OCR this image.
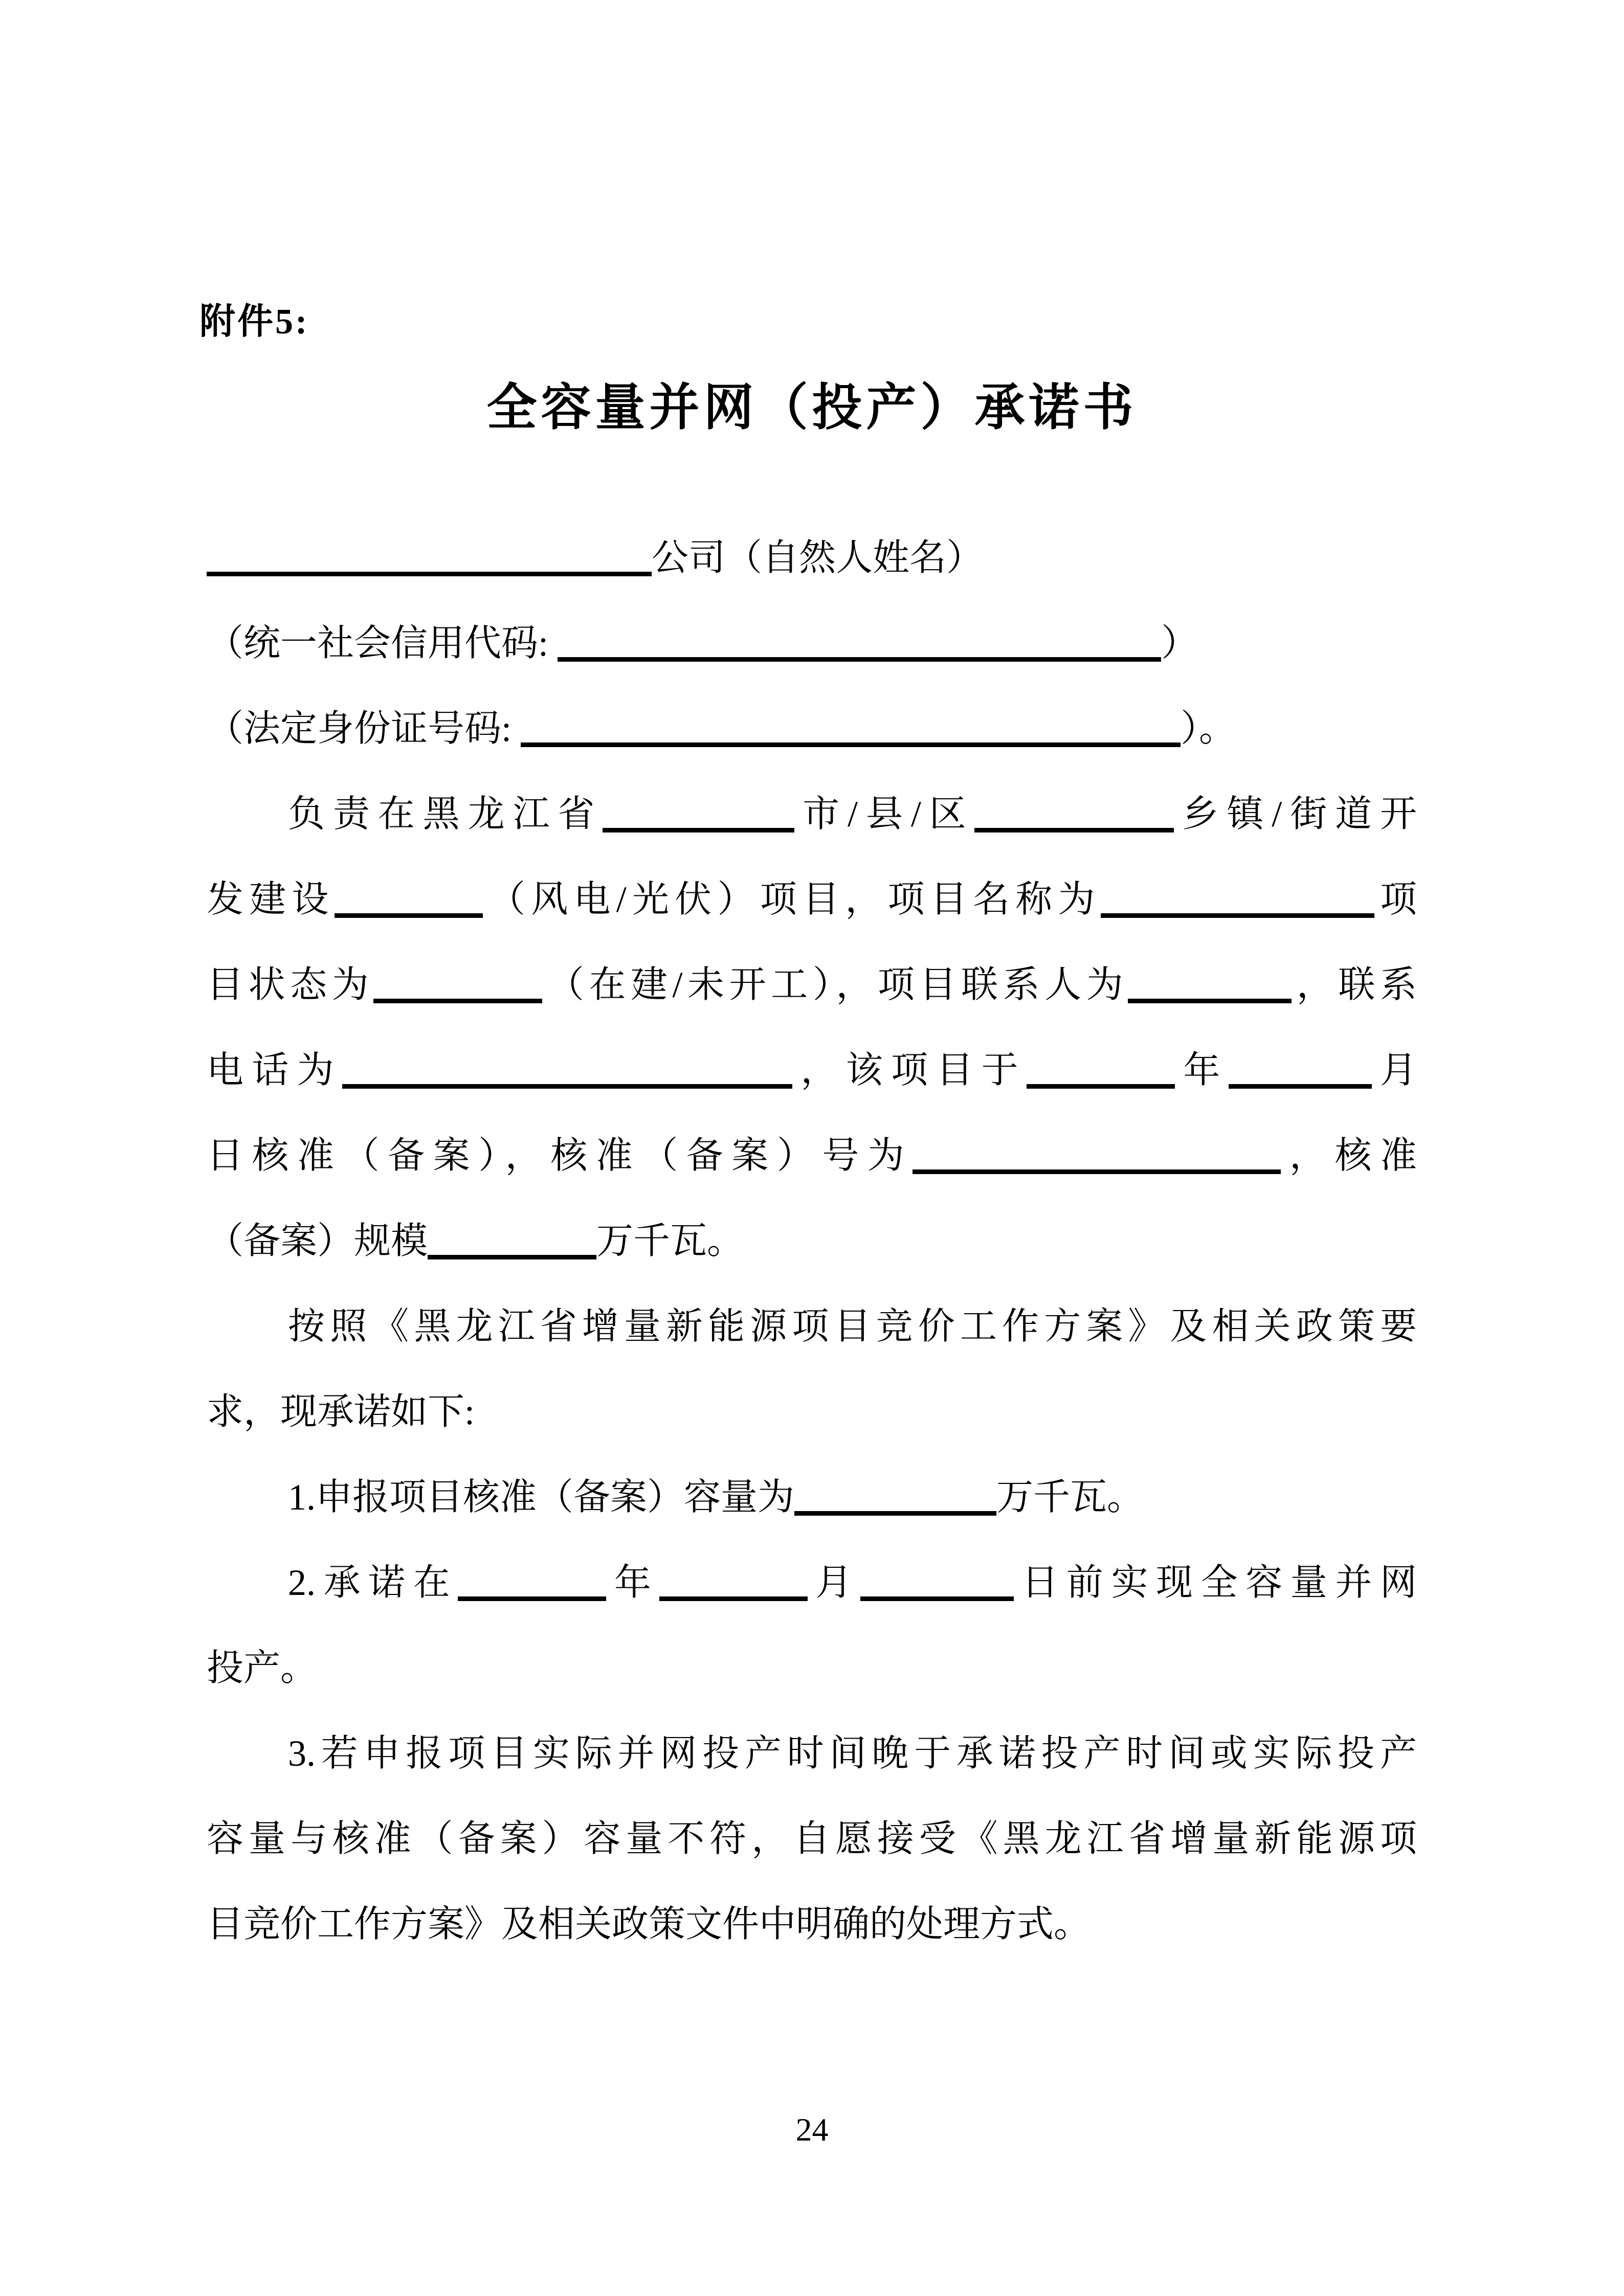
附件5:
全容量并网（投产）承诺书
公司（自然人姓名）
（统一社会信用代码:	）
（法定身份证号码:	）。
负责在黑龙江省	市/县/区	乡镇/街道开
发建设	（风电/光伏）项目，项目名称为	项
目状态为	（在建/未开工），项目联系人为	，联系
电话为	，该项目于	年	月
日核准（备案），核准（备案）号为	，核准
（备案）规模	万千瓦。
按照《黑龙江省增量新能源项目竞价工作方案》及相关政策要
求，现承诺如下:
1.申报项目核准（备案）容量为	万千瓦。
2.承诺在	年	月	日前实现全容量并网
投产。
3.若申报项目实际并网投产时间晚于承诺投产时间或实际投产
容量与核准（备案）容量不符，自愿接受《黑龙江省增量新能源项
目竞价工作方案》及相关政策文件中明确的处理方式。
24
